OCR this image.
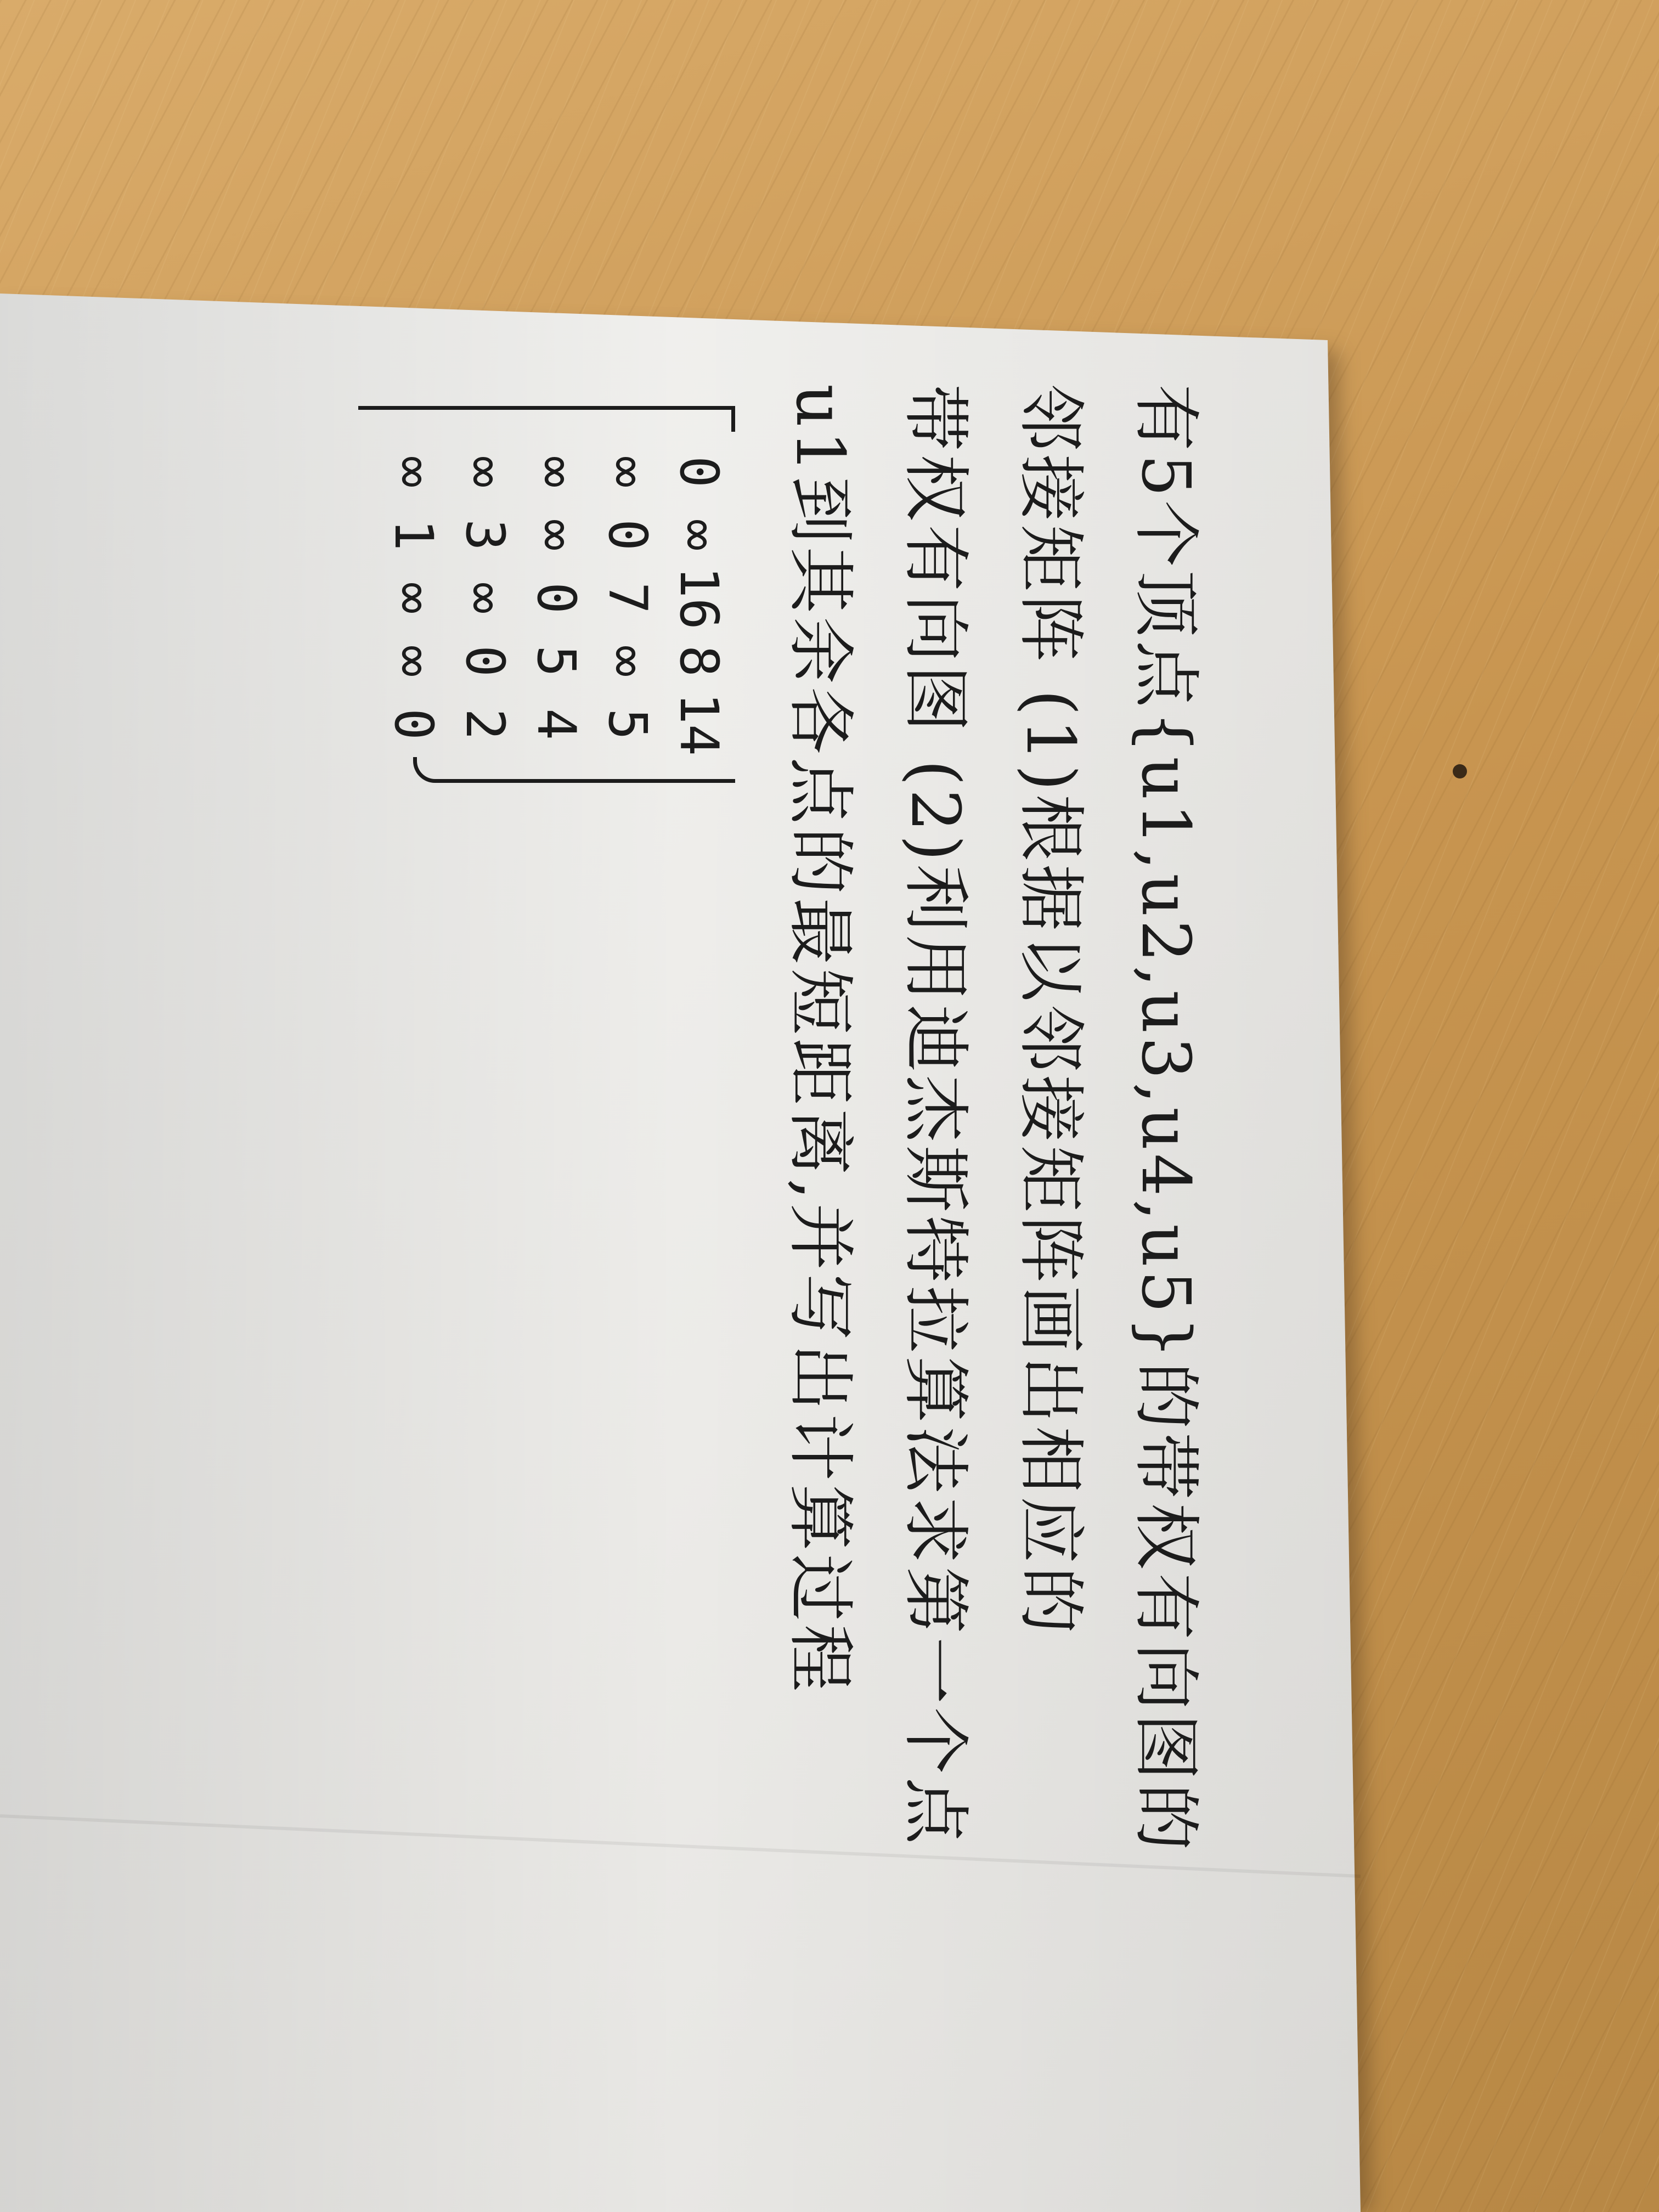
有5个顶点{u1,u2,u3,u4,u5}的带权有向图的

邻接矩阵 (1)根据以邻接矩阵画出相应的

带权有向图 (2)利用迪杰斯特拉算法求第一个点

u1到其余各点的最短距离,并写出计算过程

0
∞
16
8
14
∞
0
7
∞
5
∞
∞
0
5
4
∞
3
∞
0
2
∞
1
∞
∞
0
